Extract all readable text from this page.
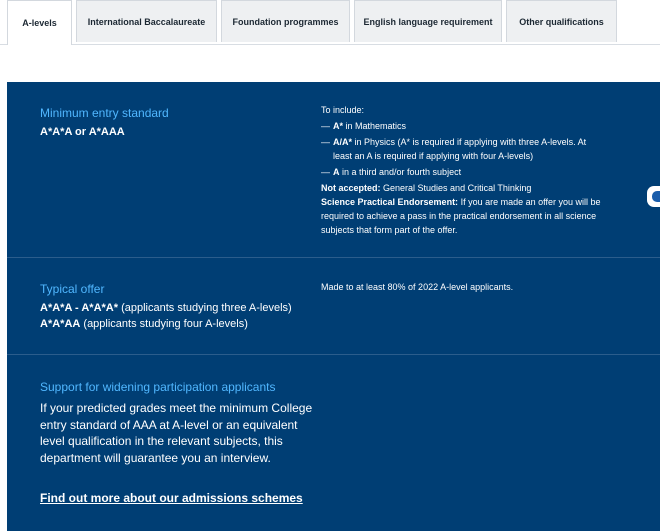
A-levels	International Baccalaureate	Foundation programmes	English language requirement	Other qualifications
Minimum entry standard
A*A*A or A*AAA
To include:
— A* in Mathematics
— A/A* in Physics (A* is required if applying with three A-levels. At
least an A is required if applying with four A-levels)
— A in a third and/or fourth subject
Not accepted: General Studies and Critical Thinking
Science Practical Endorsement: If you are made an offer you will be
required to achieve a pass in the practical endorsement in all science
subjects that form part of the offer.
Typical offer
A*A*A - A*A*A* (applicants studying three A-levels)
A*A*AA (applicants studying four A-levels)
Made to at least 80% of 2022 A-level applicants.
Support for widening participation applicants
If your predicted grades meet the minimum College entry standard of AAA at A-level or an equivalent level qualification in the relevant subjects, this department will guarantee you an interview.
Find out more about our admissions schemes
